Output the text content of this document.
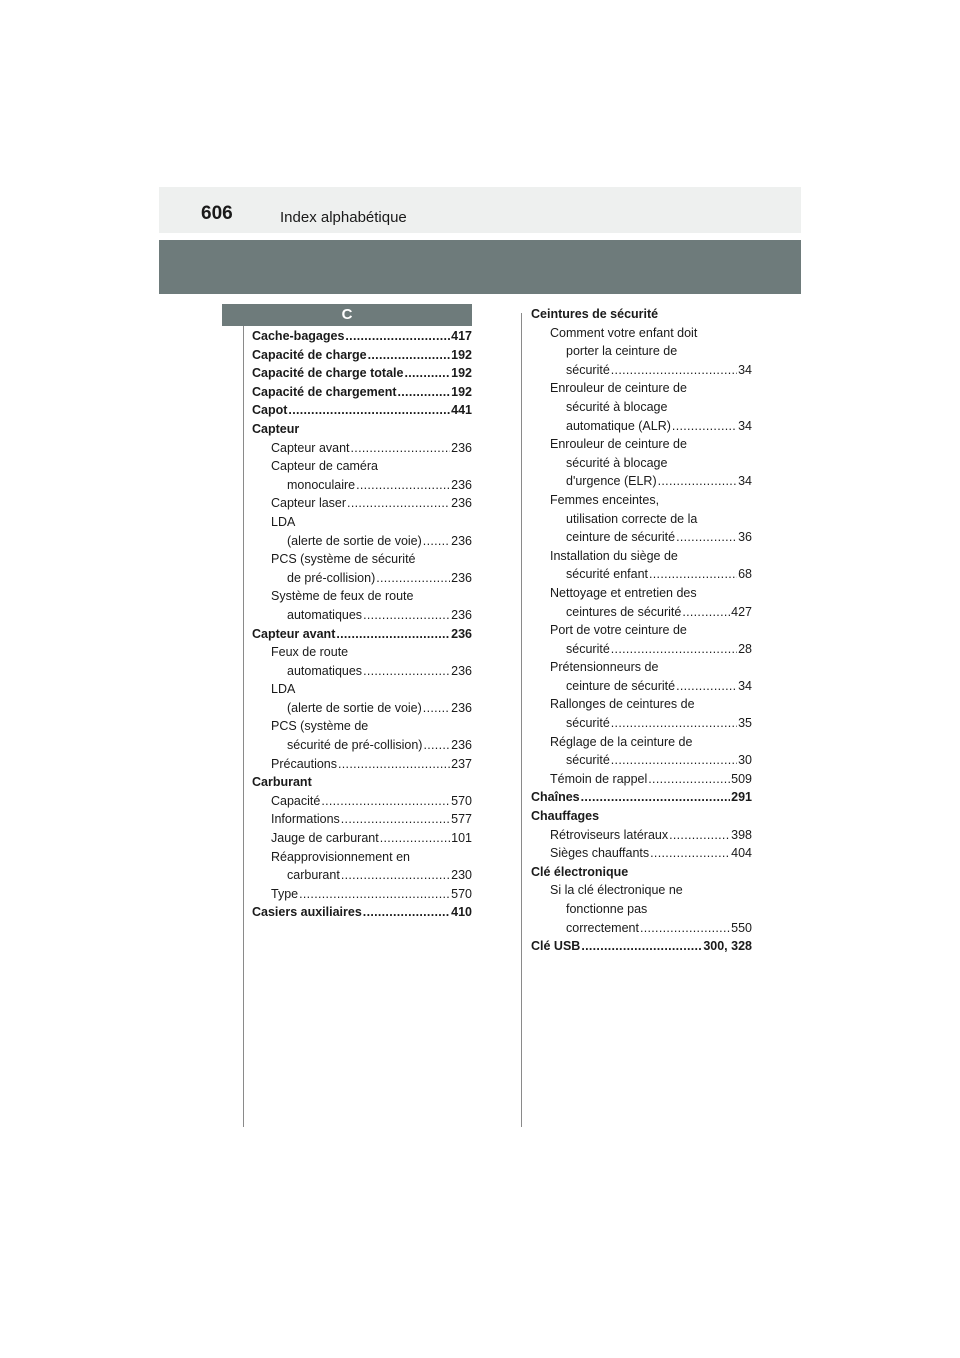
606	Index alphabétique
C
Cache-bagages .....	417
Capacité de charge .....	192
Capacité de charge totale .....	192
Capacité de chargement .....	192
Capot .....	441
Capteur
Capteur avant .....	236
Capteur de caméra
monoculaire .....	236
Capteur laser .....	236
LDA
(alerte de sortie de voie) ..... 236
PCS (système de sécurité
de pré-collision) .....	236
Système de feux de route
automatiques .....	236
Capteur avant .....	236
Feux de route
automatiques .....	236
LDA
(alerte de sortie de voie) ..... 236
PCS (système de
sécurité de pré-collision) ..... 236
Précautions .....	237
Carburant
Capacité .....	570
Informations .....	577
Jauge de carburant .....	101
Réapprovisionnement en
carburant .....	230
Type .....	570
Casiers auxiliaires .....	410
Ceintures de sécurité
Comment votre enfant doit
porter la ceinture de
sécurité .....	34
Enrouleur de ceinture de
sécurité à blocage
automatique (ALR) .....	34
Enrouleur de ceinture de
sécurité à blocage
d'urgence (ELR) .....	34
Femmes enceintes,
utilisation correcte de la
ceinture de sécurité .....	36
Installation du siège de
sécurité enfant .....	68
Nettoyage et entretien des
ceintures de sécurité .....	427
Port de votre ceinture de
sécurité .....	28
Prétensionneurs de
ceinture de sécurité .....	34
Rallonges de ceintures de
sécurité .....	35
Réglage de la ceinture de
sécurité .....	30
Témoin de rappel .....	509
Chaînes .....	291
Chauffages
Rétroviseurs latéraux .....	398
Sièges chauffants .....	404
Clé électronique
Si la clé électronique ne
fonctionne pas
correctement .....	550
Clé USB .....	300, 328
